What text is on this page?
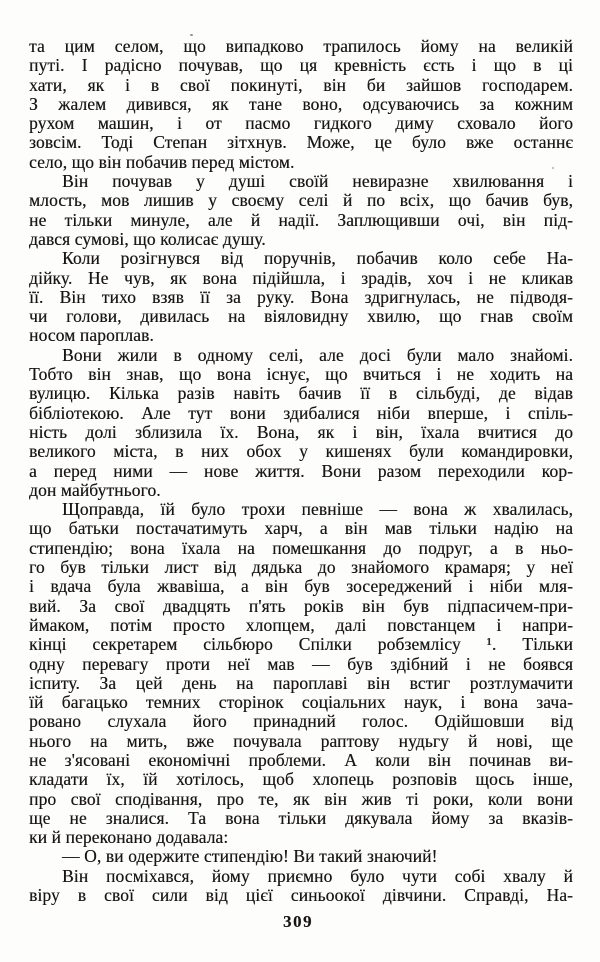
та цим селом, що випадково трапилось йому на великій
путі. І радісно почував, що ця кревність єсть і що в ці
хати, як і в свої покинуті, він би зайшов господарем.
З жалем дивився, як тане воно, одсуваючись за кожним
рухом машин, і от пасмо гидкого диму сховало його
зовсім. Тоді Степан зітхнув. Може, це було вже останнє
село, що він побачив перед містом.
Він почував у душі своїй невиразне хвилювання і
млость, мов лишив у своєму селі й по всіх, що бачив був,
не тільки минуле, але й надії. Заплющивши очі, він під-
дався сумові, що колисає душу.
Коли розігнувся від поручнів, побачив коло себе На-
дійку. Не чув, як вона підійшла, і зрадів, хоч і не кликав
її. Він тихо взяв її за руку. Вона здригнулась, не підводя-
чи голови, дивилась на віяловидну хвилю, що гнав своїм
носом пароплав.
Вони жили в одному селі, але досі були мало знайомі.
Тобто він знав, що вона існує, що вчиться і не ходить на
вулицю. Кілька разів навіть бачив її в сільбуді, де відав
бібліотекою. Але тут вони здибалися ніби вперше, і спіль-
ність долі зблизила їх. Вона, як і він, їхала вчитися до
великого міста, в них обох у кишенях були командировки,
а перед ними — нове життя. Вони разом переходили кор-
дон майбутнього.
Щоправда, їй було трохи певніше — вона ж хвалилась,
що батьки постачатимуть харч, а він мав тільки надію на
стипендію; вона їхала на помешкання до подруг, а в ньо-
го був тільки лист від дядька до знайомого крамаря; у неї
і вдача була жвавіша, а він був зосереджений і ніби мля-
вий. За свої двадцять п'ять років він був підпасичем-при-
ймаком, потім просто хлопцем, далі повстанцем і напри-
кінці секретарем сільбюро Спілки робземлісу ¹. Тільки
одну перевагу проти неї мав — був здібний і не боявся
іспиту. За цей день на пароплаві він встиг розтлумачити
їй багацько темних сторінок соціальних наук, і вона зача-
ровано слухала його принадний голос. Одійшовши від
нього на мить, вже почувала раптову нудьгу й нові, ще
не з'ясовані економічні проблеми. А коли він починав ви-
кладати їх, їй хотілось, щоб хлопець розповів щось інше,
про свої сподівання, про те, як він жив ті роки, коли вони
ще не зналися. Та вона тільки дякувала йому за вказів-
ки й переконано додавала:
— О, ви одержите стипендію! Ви такий знаючий!
Він посміхався, йому приємно було чути собі хвалу й
віру в свої сили від цієї синьоокої дівчини. Справді, На-
309
